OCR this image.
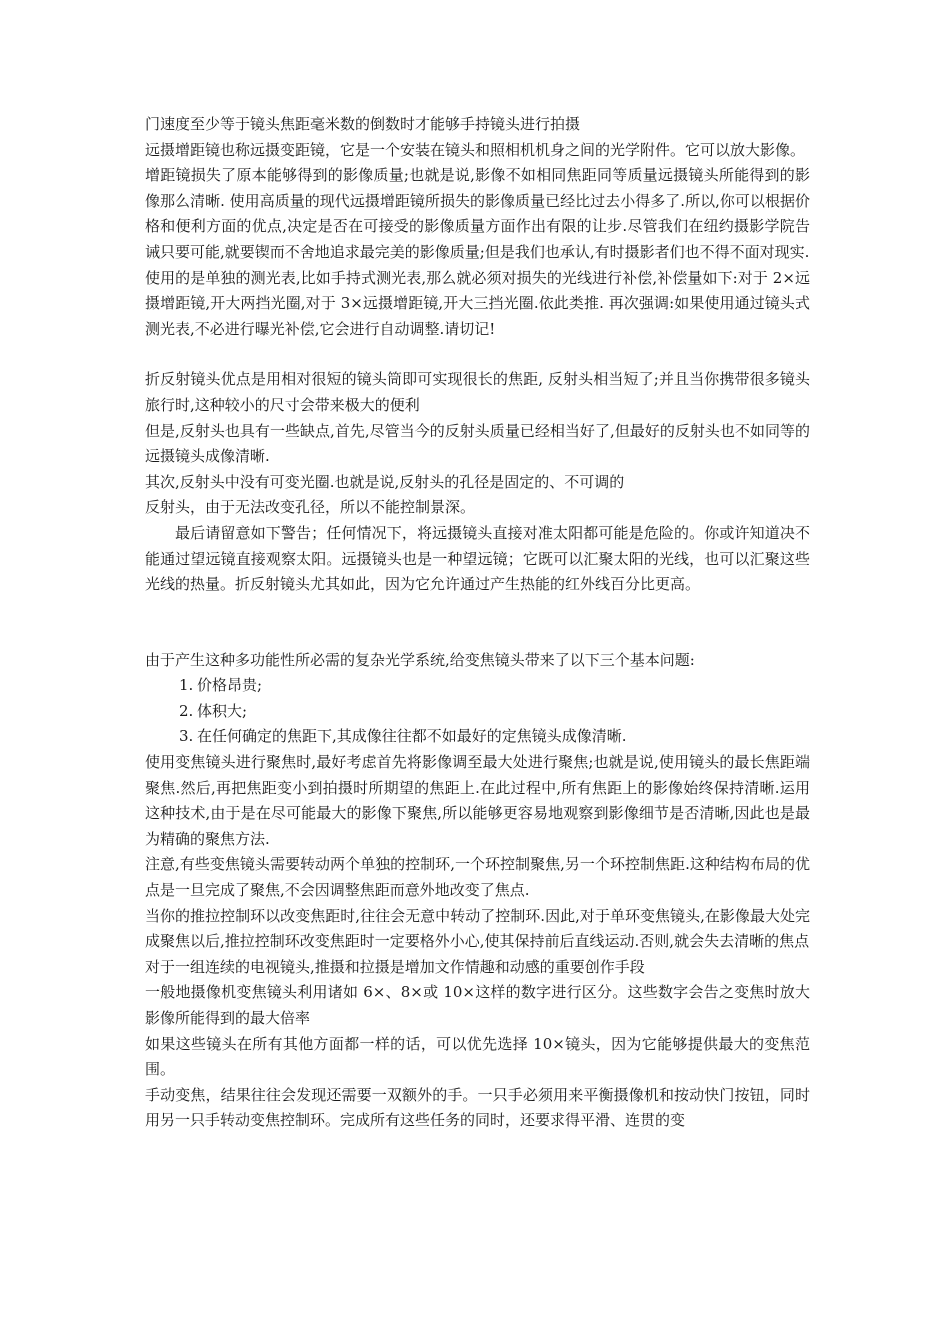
门速度至少等于镜头焦距毫米数的倒数时才能够手持镜头进行拍摄

远摄增距镜也称远摄变距镜，它是一个安装在镜头和照相机机身之间的光学附件。它可以放大影像。

增距镜损失了原本能够得到的影像质量;也就是说,影像不如相同焦距同等质量远摄镜头所能得到的影像那么清晰. 使用高质量的现代远摄增距镜所损失的影像质量已经比过去小得多了.所以,你可以根据价格和便利方面的优点,决定是否在可接受的影像质量方面作出有限的让步.尽管我们在纽约摄影学院告诫只要可能,就要锲而不舍地追求最完美的影像质量;但是我们也承认,有时摄影者们也不得不面对现实.

使用的是单独的测光表,比如手持式测光表,那么就必须对损失的光线进行补偿,补偿量如下:对于 2×远摄增距镜,开大两挡光圈,对于 3×远摄增距镜,开大三挡光圈.依此类推. 再次强调:如果使用通过镜头式测光表,不必进行曝光补偿,它会进行自动调整.请切记!

折反射镜头优点是用相对很短的镜头筒即可实现很长的焦距, 反射头相当短了;并且当你携带很多镜头旅行时,这种较小的尺寸会带来极大的便利

但是,反射头也具有一些缺点,首先,尽管当今的反射头质量已经相当好了,但最好的反射头也不如同等的远摄镜头成像清晰.

其次,反射头中没有可变光圈.也就是说,反射头的孔径是固定的、不可调的

反射头，由于无法改变孔径，所以不能控制景深。

最后请留意如下警告；任何情况下，将远摄镜头直接对准太阳都可能是危险的。你或许知道决不能通过望远镜直接观察太阳。远摄镜头也是一种望远镜；它既可以汇聚太阳的光线，也可以汇聚这些光线的热量。折反射镜头尤其如此，因为它允许通过产生热能的红外线百分比更高。

由于产生这种多功能性所必需的复杂光学系统,给变焦镜头带来了以下三个基本问题:

1. 价格昂贵;
2. 体积大;
3. 在任何确定的焦距下,其成像往往都不如最好的定焦镜头成像清晰.

使用变焦镜头进行聚焦时,最好考虑首先将影像调至最大处进行聚焦;也就是说,使用镜头的最长焦距端聚焦.然后,再把焦距变小到拍摄时所期望的焦距上.在此过程中,所有焦距上的影像始终保持清晰.运用这种技术,由于是在尽可能最大的影像下聚焦,所以能够更容易地观察到影像细节是否清晰,因此也是最为精确的聚焦方法.

注意,有些变焦镜头需要转动两个单独的控制环,一个环控制聚焦,另一个环控制焦距.这种结构布局的优点是一旦完成了聚焦,不会因调整焦距而意外地改变了焦点.

当你的推拉控制环以改变焦距时,往往会无意中转动了控制环.因此,对于单环变焦镜头,在影像最大处完成聚焦以后,推拉控制环改变焦距时一定要格外小心,使其保持前后直线运动.否则,就会失去清晰的焦点

对于一组连续的电视镜头,推摄和拉摄是增加文作情趣和动感的重要创作手段

一般地摄像机变焦镜头利用诸如 6×、8×或 10×这样的数字进行区分。这些数字会告之变焦时放大影像所能得到的最大倍率

如果这些镜头在所有其他方面都一样的话，可以优先选择 10×镜头，因为它能够提供最大的变焦范围。

手动变焦，结果往往会发现还需要一双额外的手。一只手必须用来平衡摄像机和按动快门按钮，同时用另一只手转动变焦控制环。完成所有这些任务的同时，还要求得平滑、连贯的变
